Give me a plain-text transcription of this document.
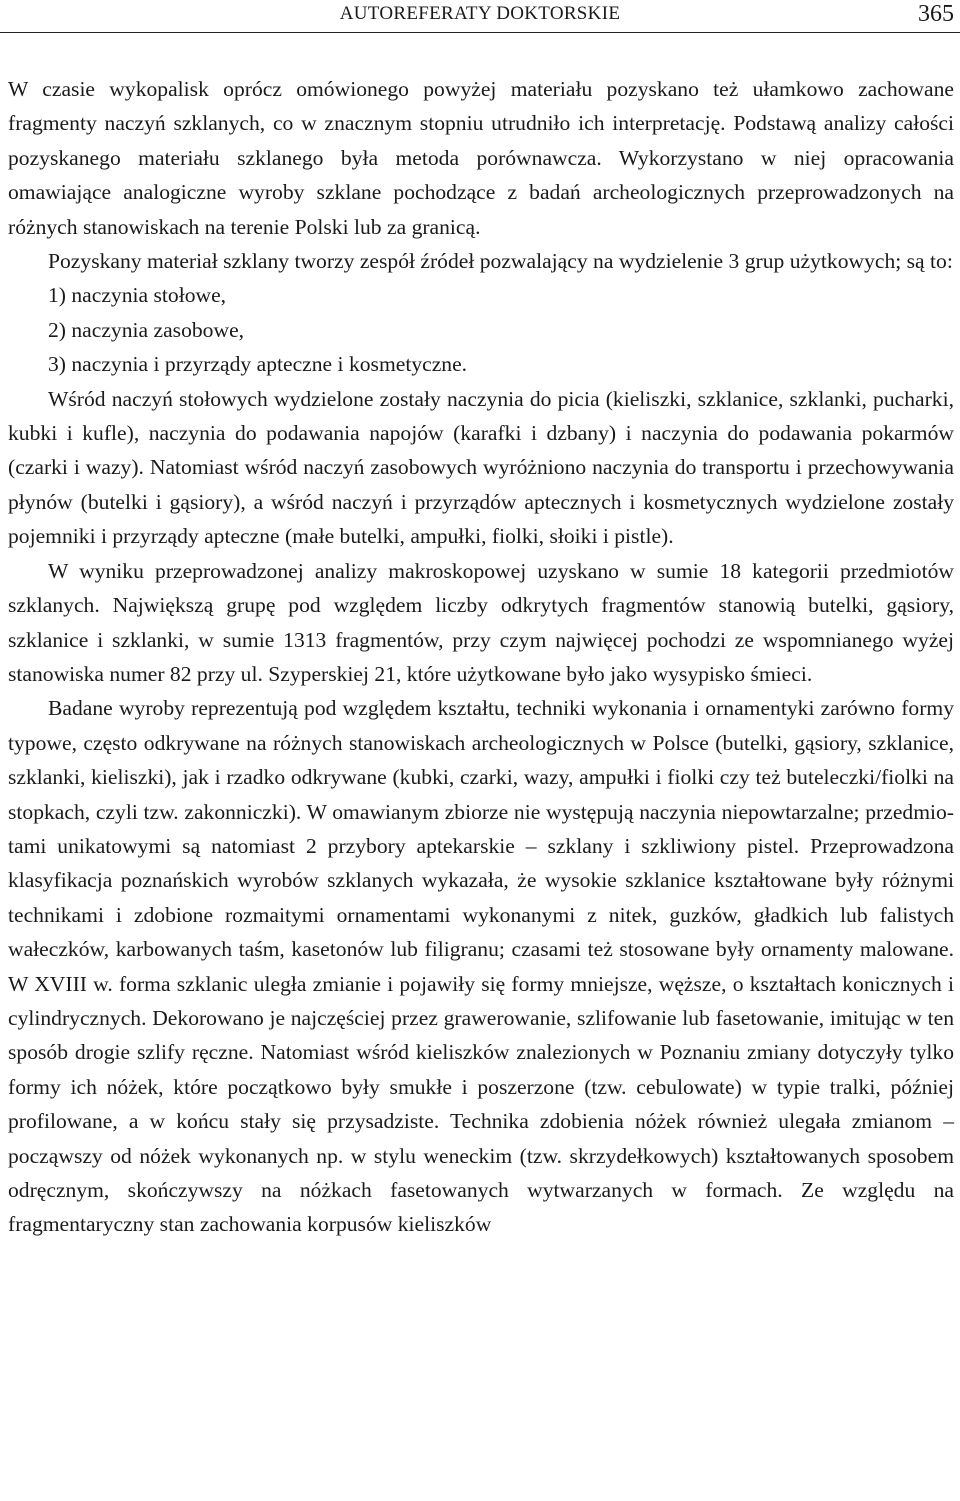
AUTOREFERATY DOKTORSKIE	365

W czasie wykopalisk oprócz omówionego powyżej materiału pozyskano też ułamkowo zachowane fragmenty naczyń szklanych, co w znacznym stopniu utrudniło ich interpretację. Podstawą analizy całości pozyskanego materiału szklanego była metoda porównawcza. Wykorzystano w niej opracowania omawiające analogiczne wyroby szklane pochodzące z badań archeologicznych przeprowadzonych na różnych stanowiskach na terenie Polski lub za granicą.

Pozyskany materiał szklany tworzy zespół źródeł pozwalający na wydzielenie 3 grup użytkowych; są to:

1) naczynia stołowe,
2) naczynia zasobowe,
3) naczynia i przyrządy apteczne i kosmetyczne.

Wśród naczyń stołowych wydzielone zostały naczynia do picia (kieliszki, szklanice, szklanki, pucharki, kubki i kufle), naczynia do podawania napojów (karafki i dzbany) i naczynia do podawania pokarmów (czarki i wazy). Natomiast wśród naczyń zasobowych wyróżniono naczynia do transportu i przechowywania płynów (butelki i gąsiory), a wśród naczyń i przyrządów aptecznych i kosmetycznych wydzielone zostały pojemniki i przyrządy apteczne (małe butelki, ampułki, fiolki, słoiki i pistle).

W wyniku przeprowadzonej analizy makroskopowej uzyskano w sumie 18 kategorii przedmiotów szklanych. Największą grupę pod względem liczby odkrytych fragmentów stanowią butelki, gąsiory, szklanice i szklanki, w sumie 1313 fragmentów, przy czym najwięcej pochodzi ze wspomnianego wyżej stanowiska numer 82 przy ul. Szyperskiej 21, które użytkowane było jako wysypisko śmieci.

Badane wyroby reprezentują pod względem kształtu, techniki wykonania i ornamentyki zarówno formy typowe, często odkrywane na różnych stanowiskach archeologicznych w Polsce (butelki, gąsiory, szklanice, szklanki, kieliszki), jak i rzadko odkrywane (kubki, czarki, wazy, ampułki i fiolki czy też buteleczki/fiolki na stopkach, czyli tzw. zakonniczki). W omawianym zbiorze nie występują naczynia niepowtarzalne; przedmiotami unikatowymi są natomiast 2 przybory aptekarskie – szklany i szkliwiony pistel. Przeprowadzona klasyfikacja poznańskich wyrobów szklanych wykazała, że wysokie szklanice kształtowane były różnymi technikami i zdobione rozmaitymi ornamentami wykonanymi z nitek, guzków, gładkich lub falistych wałeczków, karbowanych taśm, kasetonów lub filigranu; czasami też stosowane były ornamenty malowane. W XVIII w. forma szklanic uległa zmianie i pojawiły się formy mniejsze, węższe, o kształtach konicznych i cylindrycznych. Dekorowano je najczęściej przez grawerowanie, szlifowanie lub fasetowanie, imitując w ten sposób drogie szlify ręczne. Natomiast wśród kieliszków znalezionych w Poznaniu zmiany dotyczyły tylko formy ich nóżek, które początkowo były smukłe i poszerzone (tzw. cebulowate) w typie tralki, później profilowane, a w końcu stały się przysadziste. Technika zdobienia nóżek również ulegała zmianom – począwszy od nóżek wykonanych np. w stylu weneckim (tzw. skrzydełkowych) kształtowanych sposobem odręcznym, skończywszy na nóżkach fasetowanych wytwarzanych w formach. Ze względu na fragmentaryczny stan zachowania korpusów kieliszków
